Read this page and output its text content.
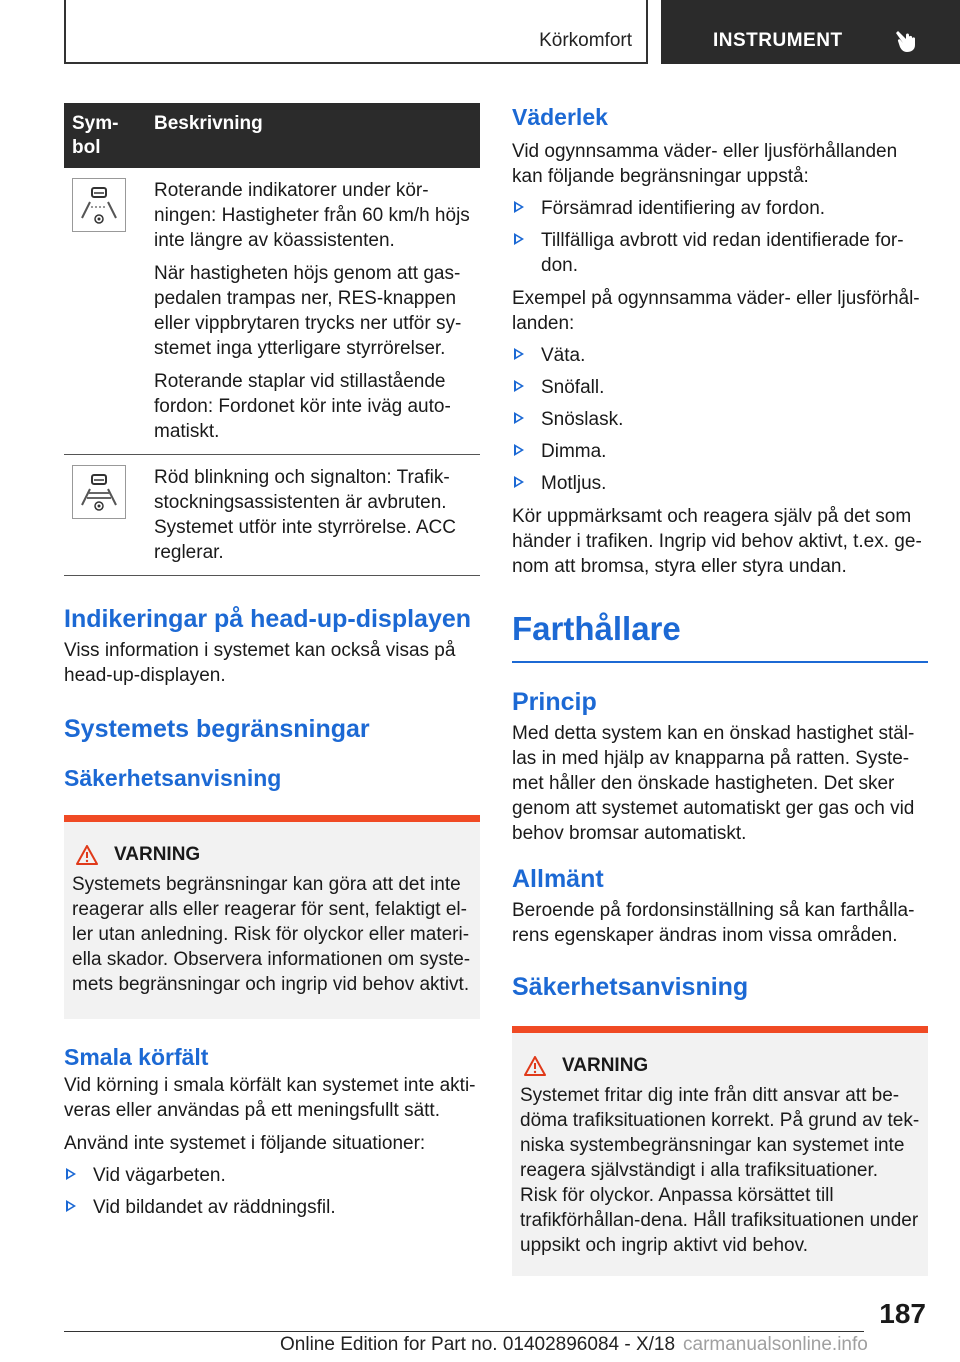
Körkomfort	INSTRUMENT
Sym-
bol	Beskrivning

Roterande indikatorer under kör-ningen: Hastigheter från 60 km/h höjs inte längre av köassistenten.

När hastigheten höjs genom att gas-pedalen trampas ner, RES-knappen eller vippbrytaren trycks ner utför sy-stemet inga ytterligare styrrörelser.

Roterande staplar vid stillastående fordon: Fordonet kör inte iväg auto-matiskt.

Röd blinkning och signalton: Trafik-stockningsassistenten är avbruten. Systemet utför inte styrrörelse. ACC reglerar.

Indikeringar på head-up-displayen

Viss information i systemet kan också visas på head-up-displayen.

Systemets begränsningar
Säkerhetsanvisning
VARNING

Systemets begränsningar kan göra att det inte reagerar alls eller reagerar för sent, felaktigt el-ler utan anledning. Risk för olyckor eller materi-ella skador. Observera informationen om syste-mets begränsningar och ingrip vid behov aktivt.

Smala körfält

Vid körning i smala körfält kan systemet inte akti-veras eller användas på ett meningsfullt sätt.

Använd inte systemet i följande situationer:

Vid vägarbeten.
Vid bildandet av räddningsfil.
Väderlek

Vid ogynnsamma väder- eller ljusförhållanden kan följande begränsningar uppstå:

Försämrad identifiering av fordon.
Tillfälliga avbrott vid redan identifierade for-don.

Exempel på ogynnsamma väder- eller ljusförhål-landen:

Väta.
Snöfall.
Snöslask.
Dimma.
Motljus.

Kör uppmärksamt och reagera själv på det som händer i trafiken. Ingrip vid behov aktivt, t.ex. ge-nom att bromsa, styra eller styra undan.

Farthållare
Princip

Med detta system kan en önskad hastighet stäl-las in med hjälp av knapparna på ratten. Syste-met håller den önskade hastigheten. Det sker genom att systemet automatiskt ger gas och vid behov bromsar automatiskt.

Allmänt

Beroende på fordonsinställning så kan farthålla-rens egenskaper ändras inom vissa områden.

Säkerhetsanvisning
VARNING

Systemet fritar dig inte från ditt ansvar att be-döma trafiksituationen korrekt. På grund av tek-niska systembegränsningar kan systemet inte reagera självständigt i alla trafiksituationer. Risk för olyckor. Anpassa körsättet till trafikförhållan-dena. Håll trafiksituationen under uppsikt och ingrip aktivt vid behov.

187
Online Edition for Part no. 01402896084 - X/18 carmanualsonline.info
